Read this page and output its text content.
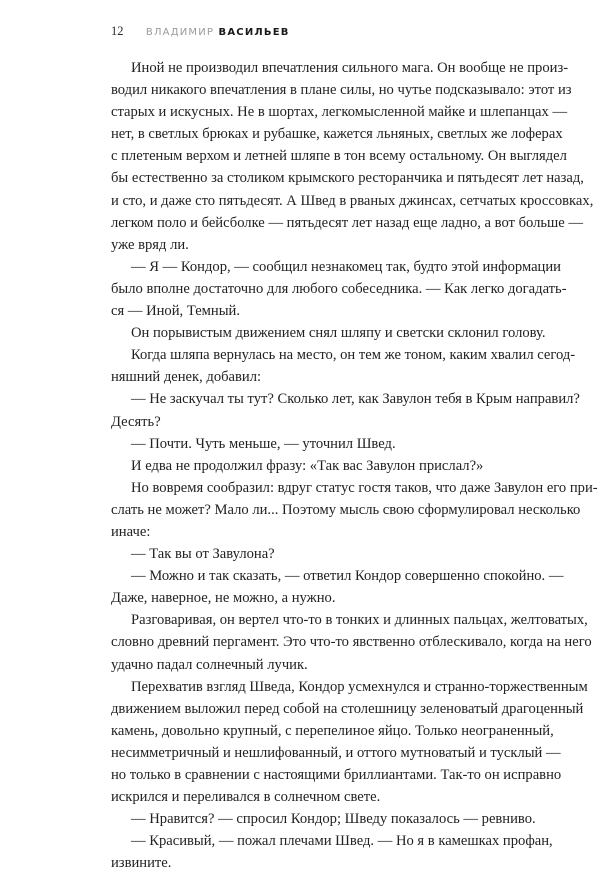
12 ВЛАДИМИР ВАСИЛЬЕВ
Иной не производил впечатления сильного мага. Он вообще не произ-
водил никакого впечатления в плане силы, но чутье подсказывало: этот из
старых и искусных. Не в шортах, легкомысленной майке и шлепанцах —
нет, в светлых брюках и рубашке, кажется льняных, светлых же лоферах
с плетеным верхом и летней шляпе в тон всему остальному. Он выглядел
бы естественно за столиком крымского ресторанчика и пятьдесят лет назад,
и сто, и даже сто пятьдесят. А Швед в рваных джинсах, сетчатых кроссовках,
легком поло и бейсболке — пятьдесят лет назад еще ладно, а вот больше —
уже вряд ли.
— Я — Кондор, — сообщил незнакомец так, будто этой информации
было вполне достаточно для любого собеседника. — Как легко догадать-
ся — Иной, Темный.
Он порывистым движением снял шляпу и светски склонил голову.
Когда шляпа вернулась на место, он тем же тоном, каким хвалил сегод-
няшний денек, добавил:
— Не заскучал ты тут? Сколько лет, как Завулон тебя в Крым направил?
Десять?
— Почти. Чуть меньше, — уточнил Швед.
И едва не продолжил фразу: «Так вас Завулон прислал?»
Но вовремя сообразил: вдруг статус гостя таков, что даже Завулон его при-
слать не может? Мало ли... Поэтому мысль свою сформулировал несколько
иначе:
— Так вы от Завулона?
— Можно и так сказать, — ответил Кондор совершенно спокойно. —
Даже, наверное, не можно, а нужно.
Разговаривая, он вертел что-то в тонких и длинных пальцах, желтоватых,
словно древний пергамент. Это что-то явственно отблескивало, когда на него
удачно падал солнечный лучик.
Перехватив взгляд Шведа, Кондор усмехнулся и странно-торжественным
движением выложил перед собой на столешницу зеленоватый драгоценный
камень, довольно крупный, с перепелиное яйцо. Только неограненный,
несимметричный и нешлифованный, и оттого мутноватый и тусклый —
но только в сравнении с настоящими бриллиантами. Так-то он исправно
искрился и переливался в солнечном свете.
— Нравится? — спросил Кондор; Шведу показалось — ревниво.
— Красивый, — пожал плечами Швед. — Но я в камешках профан,
извините.
